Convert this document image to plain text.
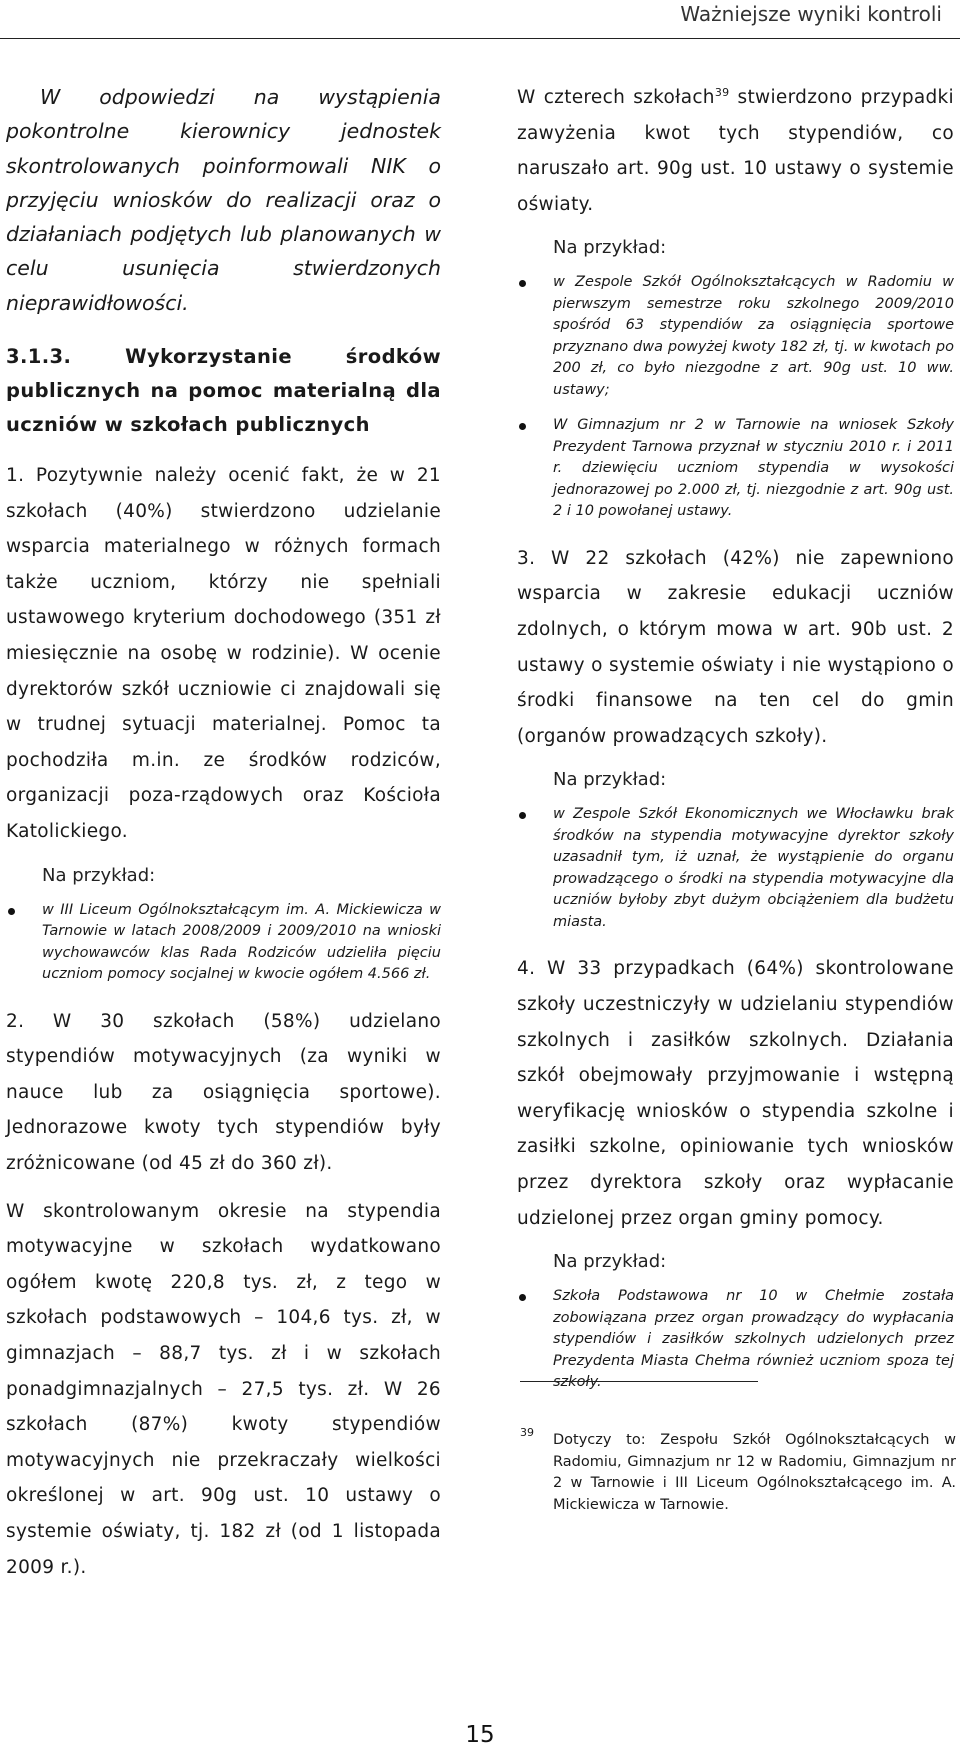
Ważniejsze wyniki kontroli

W odpowiedzi na wystąpienia pokontrolne kierownicy jednostek skontrolowanych poinformowali NIK o przyjęciu wniosków do realizacji oraz o działaniach podjętych lub planowanych w celu usunięcia stwierdzonych nieprawidłowości.

3.1.3. Wykorzystanie środków publicznych na pomoc materialną dla uczniów w szkołach publicznych

1. Pozytywnie należy ocenić fakt, że w 21 szkołach (40%) stwierdzono udzielanie wsparcia materialnego w różnych formach także uczniom, którzy nie spełniali ustawowego kryterium dochodowego (351 zł miesięcznie na osobę w rodzinie). W ocenie dyrektorów szkół uczniowie ci znajdowali się w trudnej sytuacji materialnej. Pomoc ta pochodziła m.in. ze środków rodziców, organizacji poza-rządowych oraz Kościoła Katolickiego.

Na przykład:
w III Liceum Ogólnokształcącym im. A. Mickiewicza w Tarnowie w latach 2008/2009 i 2009/2010 na wnioski wychowawców klas Rada Rodziców udzieliła pięciu uczniom pomocy socjalnej w kwocie ogółem 4.566 zł.

2. W 30 szkołach (58%) udzielano stypendiów motywacyjnych (za wyniki w nauce lub za osiągnięcia sportowe). Jednorazowe kwoty tych stypendiów były zróżnicowane (od 45 zł do 360 zł).

W skontrolowanym okresie na stypendia motywacyjne w szkołach wydatkowano ogółem kwotę 220,8 tys. zł, z tego w szkołach podstawowych – 104,6 tys. zł, w gimnazjach – 88,7 tys. zł i w szkołach ponadgimnazjalnych – 27,5 tys. zł. W 26 szkołach (87%) kwoty stypendiów motywacyjnych nie przekraczały wielkości określonej w art. 90g ust. 10 ustawy o systemie oświaty, tj. 182 zł (od 1 listopada 2009 r.).

W czterech szkołach$^{39}$ stwierdzono przypadki zawyżenia kwot tych stypendiów, co naruszało art. 90g ust. 10 ustawy o systemie oświaty.

Na przykład:
w Zespole Szkół Ogólnokształcących w Radomiu w pierwszym semestrze roku szkolnego 2009/2010 spośród 63 stypendiów za osiągnięcia sportowe przyznano dwa powyżej kwoty 182 zł, tj. w kwotach po 200 zł, co było niezgodne z art. 90g ust. 10 ww. ustawy;
W Gimnazjum nr 2 w Tarnowie na wniosek Szkoły Prezydent Tarnowa przyznał w styczniu 2010 r. i 2011 r. dziewięciu uczniom stypendia w wysokości jednorazowej po 2.000 zł, tj. niezgodnie z art. 90g ust. 2 i 10 powołanej ustawy.

3. W 22 szkołach (42%) nie zapewniono wsparcia w zakresie edukacji uczniów zdolnych, o którym mowa w art. 90b ust. 2 ustawy o systemie oświaty i nie wystąpiono o środki finansowe na ten cel do gmin (organów prowadzących szkoły).

Na przykład:
w Zespole Szkół Ekonomicznych we Włocławku brak środków na stypendia motywacyjne dyrektor szkoły uzasadnił tym, iż uznał, że wystąpienie do organu prowadzącego o środki na stypendia motywacyjne dla uczniów byłoby zbyt dużym obciążeniem dla budżetu miasta.

4. W 33 przypadkach (64%) skontrolowane szkoły uczestniczyły w udzielaniu stypendiów szkolnych i zasiłków szkolnych. Działania szkół obejmowały przyjmowanie i wstępną weryfikację wniosków o stypendia szkolne i zasiłki szkolne, opiniowanie tych wniosków przez dyrektora szkoły oraz wypłacanie udzielonej przez organ gminy pomocy.

Na przykład:
Szkoła Podstawowa nr 10 w Chełmie została zobowiązana przez organ prowadzący do wypłacania stypendiów i zasiłków szkolnych udzielonych przez Prezydenta Miasta Chełma również uczniom spoza tej szkoły.
39	Dotyczy to: Zespołu Szkół Ogólnokształcących w Radomiu, Gimnazjum nr 12 w Radomiu, Gimnazjum nr 2 w Tarnowie i III Liceum Ogólnokształcącego im. A. Mickiewicza w Tarnowie.
15
